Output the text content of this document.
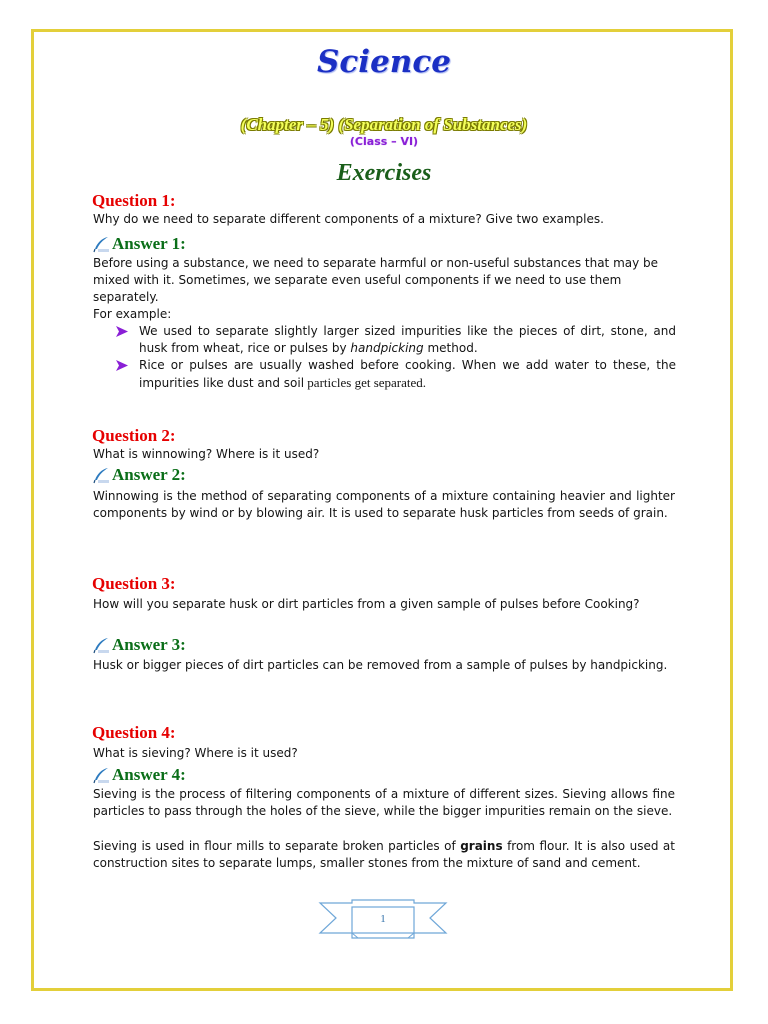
Science
(Chapter – 5) (Separation of Substances)
(Class – VI)
Exercises
Question 1:

Why do we need to separate different components of a mixture? Give two examples.

Answer 1:

Before using a substance, we need to separate harmful or non-useful substances that may be mixed with it. Sometimes, we separate even useful components if we need to use them separately.

For example:

We used to separate slightly larger sized impurities like the pieces of dirt, stone, and husk from wheat, rice or pulses by handpicking method.
Rice or pulses are usually washed before cooking. When we add water to these, the impurities like dust and soil particles get separated.
Question 2:

What is winnowing? Where is it used?

Answer 2:

Winnowing is the method of separating components of a mixture containing heavier and lighter components by wind or by blowing air. It is used to separate husk particles from seeds of grain.

Question 3:

How will you separate husk or dirt particles from a given sample of pulses before Cooking?

Answer 3:

Husk or bigger pieces of dirt particles can be removed from a sample of pulses by handpicking.

Question 4:

What is sieving? Where is it used?

Answer 4:

Sieving is the process of filtering components of a mixture of different sizes. Sieving allows fine particles to pass through the holes of the sieve, while the bigger impurities remain on the sieve.

Sieving is used in flour mills to separate broken particles of grains from flour. It is also used at construction sites to separate lumps, smaller stones from the mixture of sand and cement.

1
